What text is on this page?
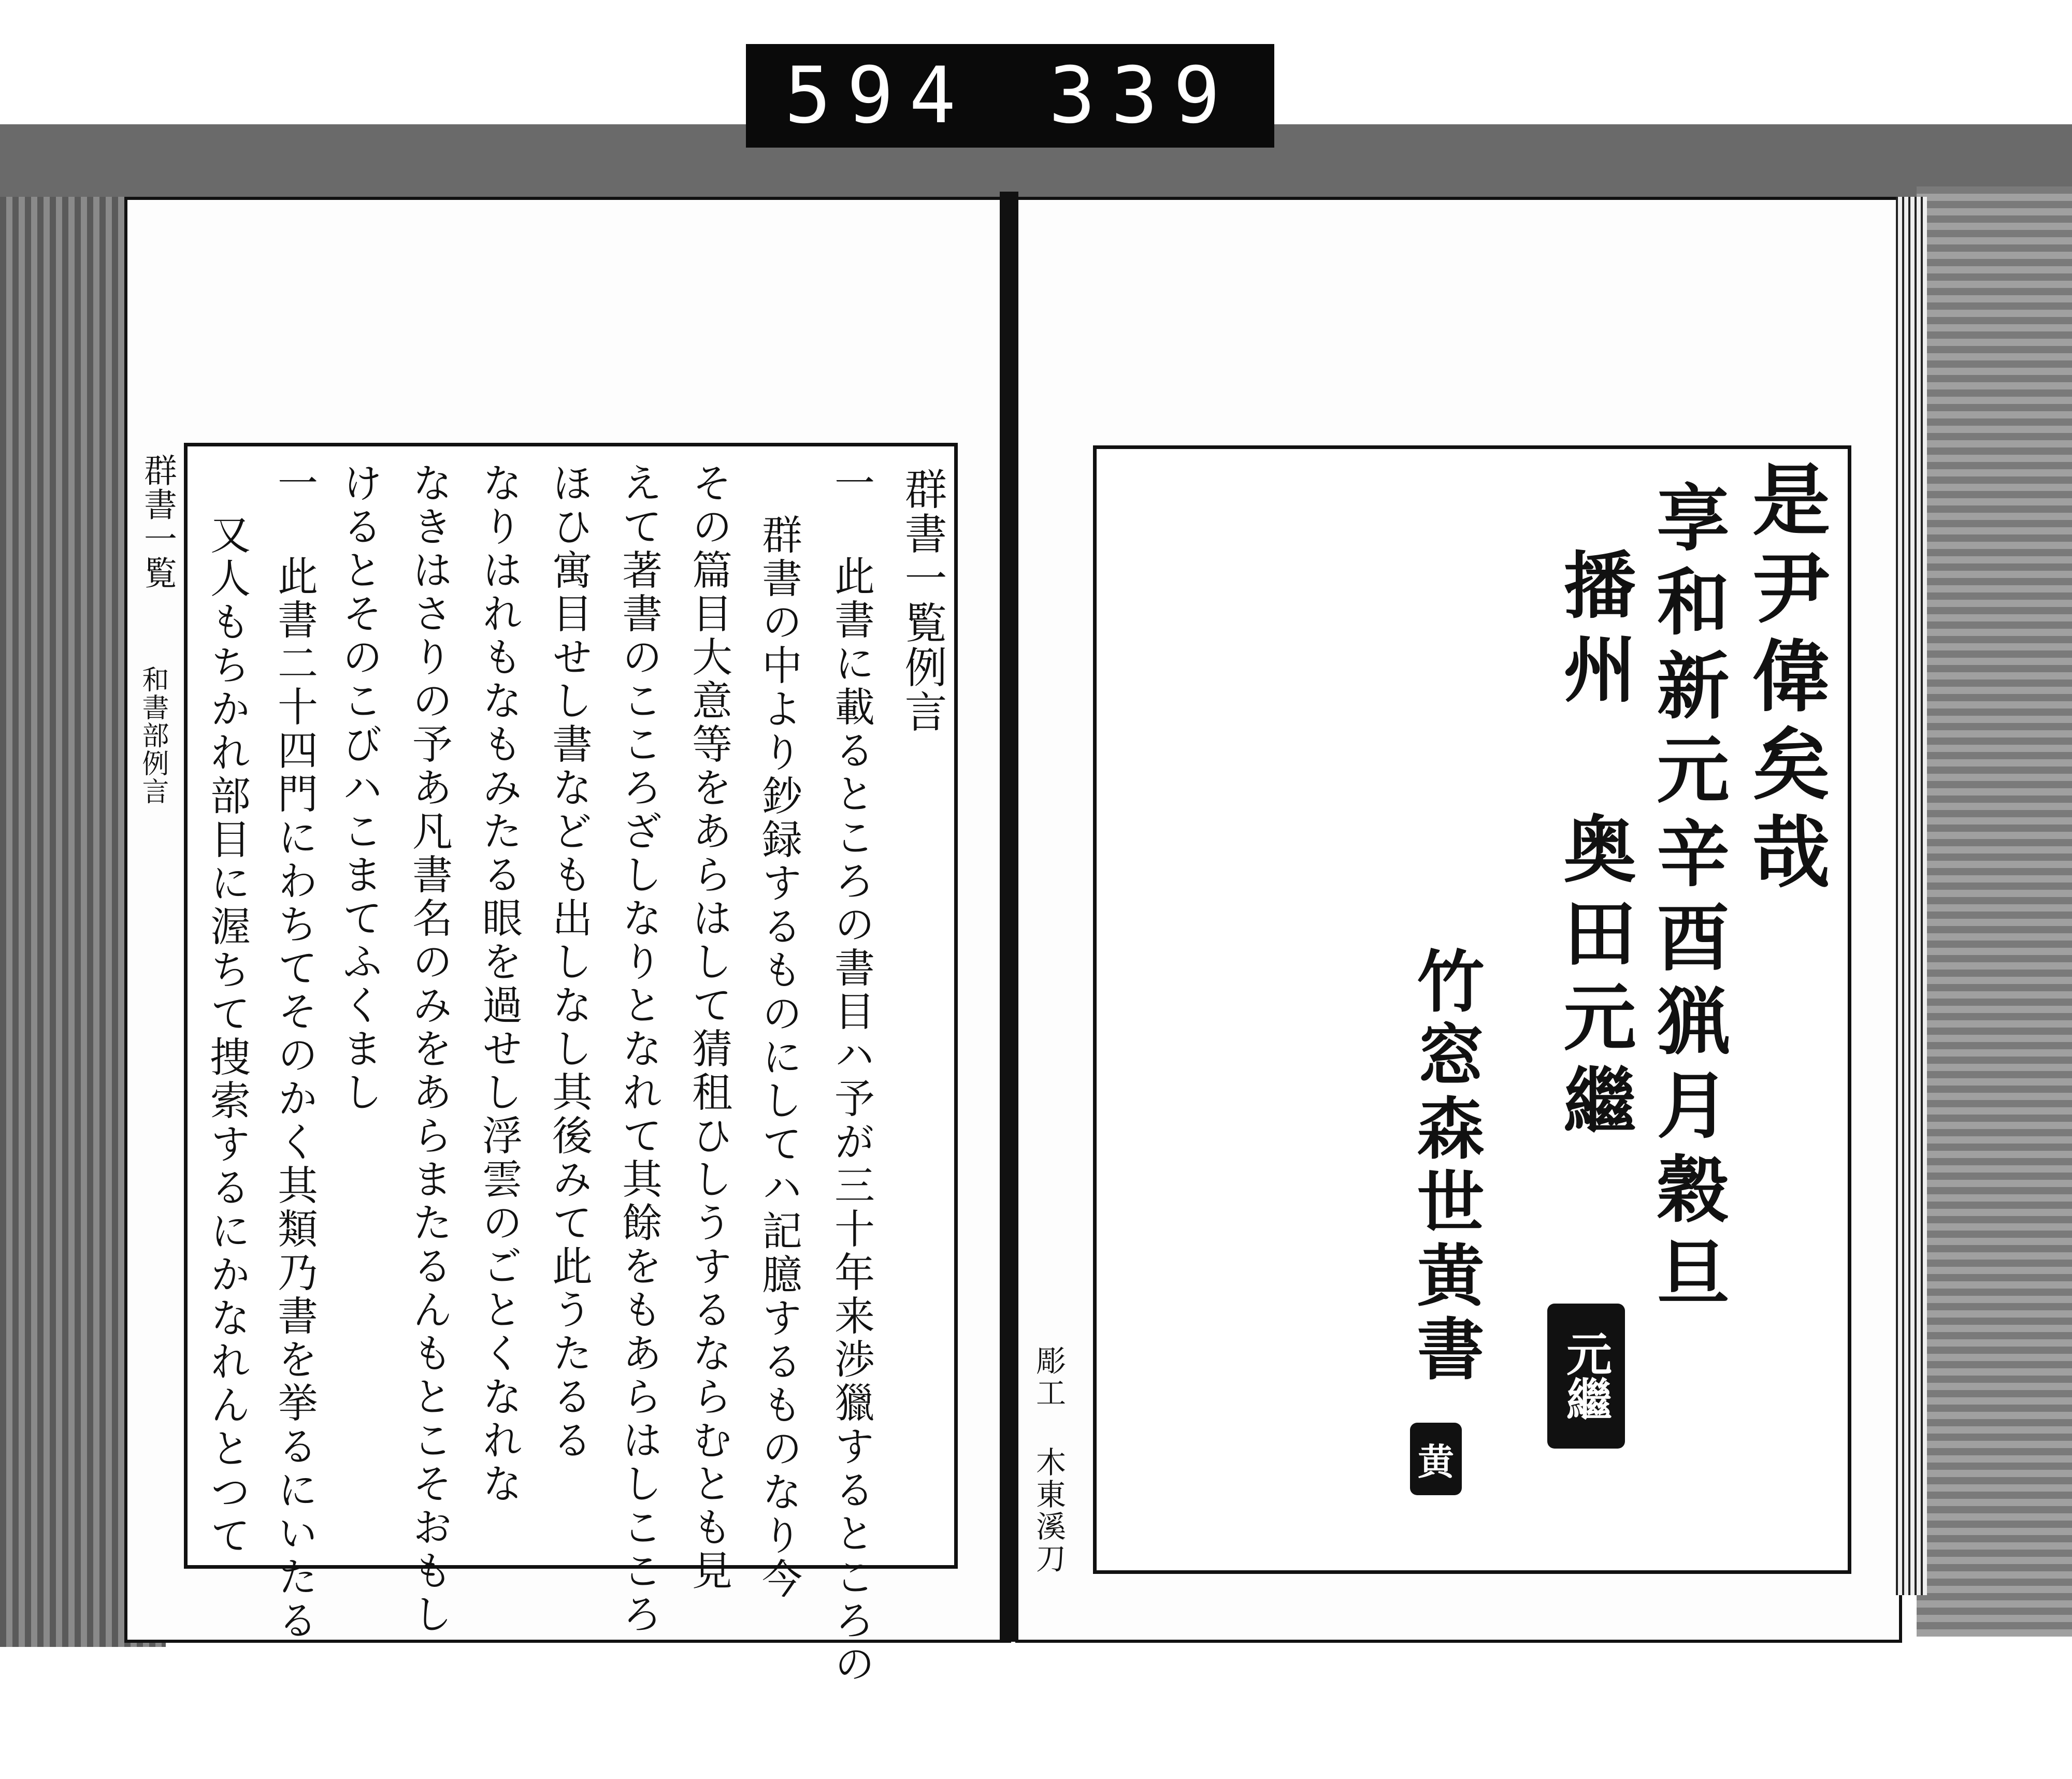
594 339
群書一覧
和書部例言
群書一覧例言
一 此書に載るところの書目ハ予が三十年来渉獵するところの
群書の中より鈔録するものにしてハ記臆するものなり今
その篇目大意等をあらはして猜租ひしうするならむとも見
えて著書のこころざしなりとなれて其餘をもあらはしこころ
ほひ寓目せし書なども出しなし其後みて此うたるる
なりはれもなもみたる眼を過せし浮雲のごとくなれな
なきはさりの予あ凡書名のみをあらまたるんもとこそおもし
けるとそのこびハこまてふくまし
一 此書二十四門にわちてそのかく其類乃書を挙るにいたる
又人もちかれ部目に渥ちて捜索するにかなれんとつて	是尹偉矣哉
享和新元辛酉猟月穀旦
播州 奥田元繼
元繼
竹窓森世黄書
黄
彫工 木東溪刀
